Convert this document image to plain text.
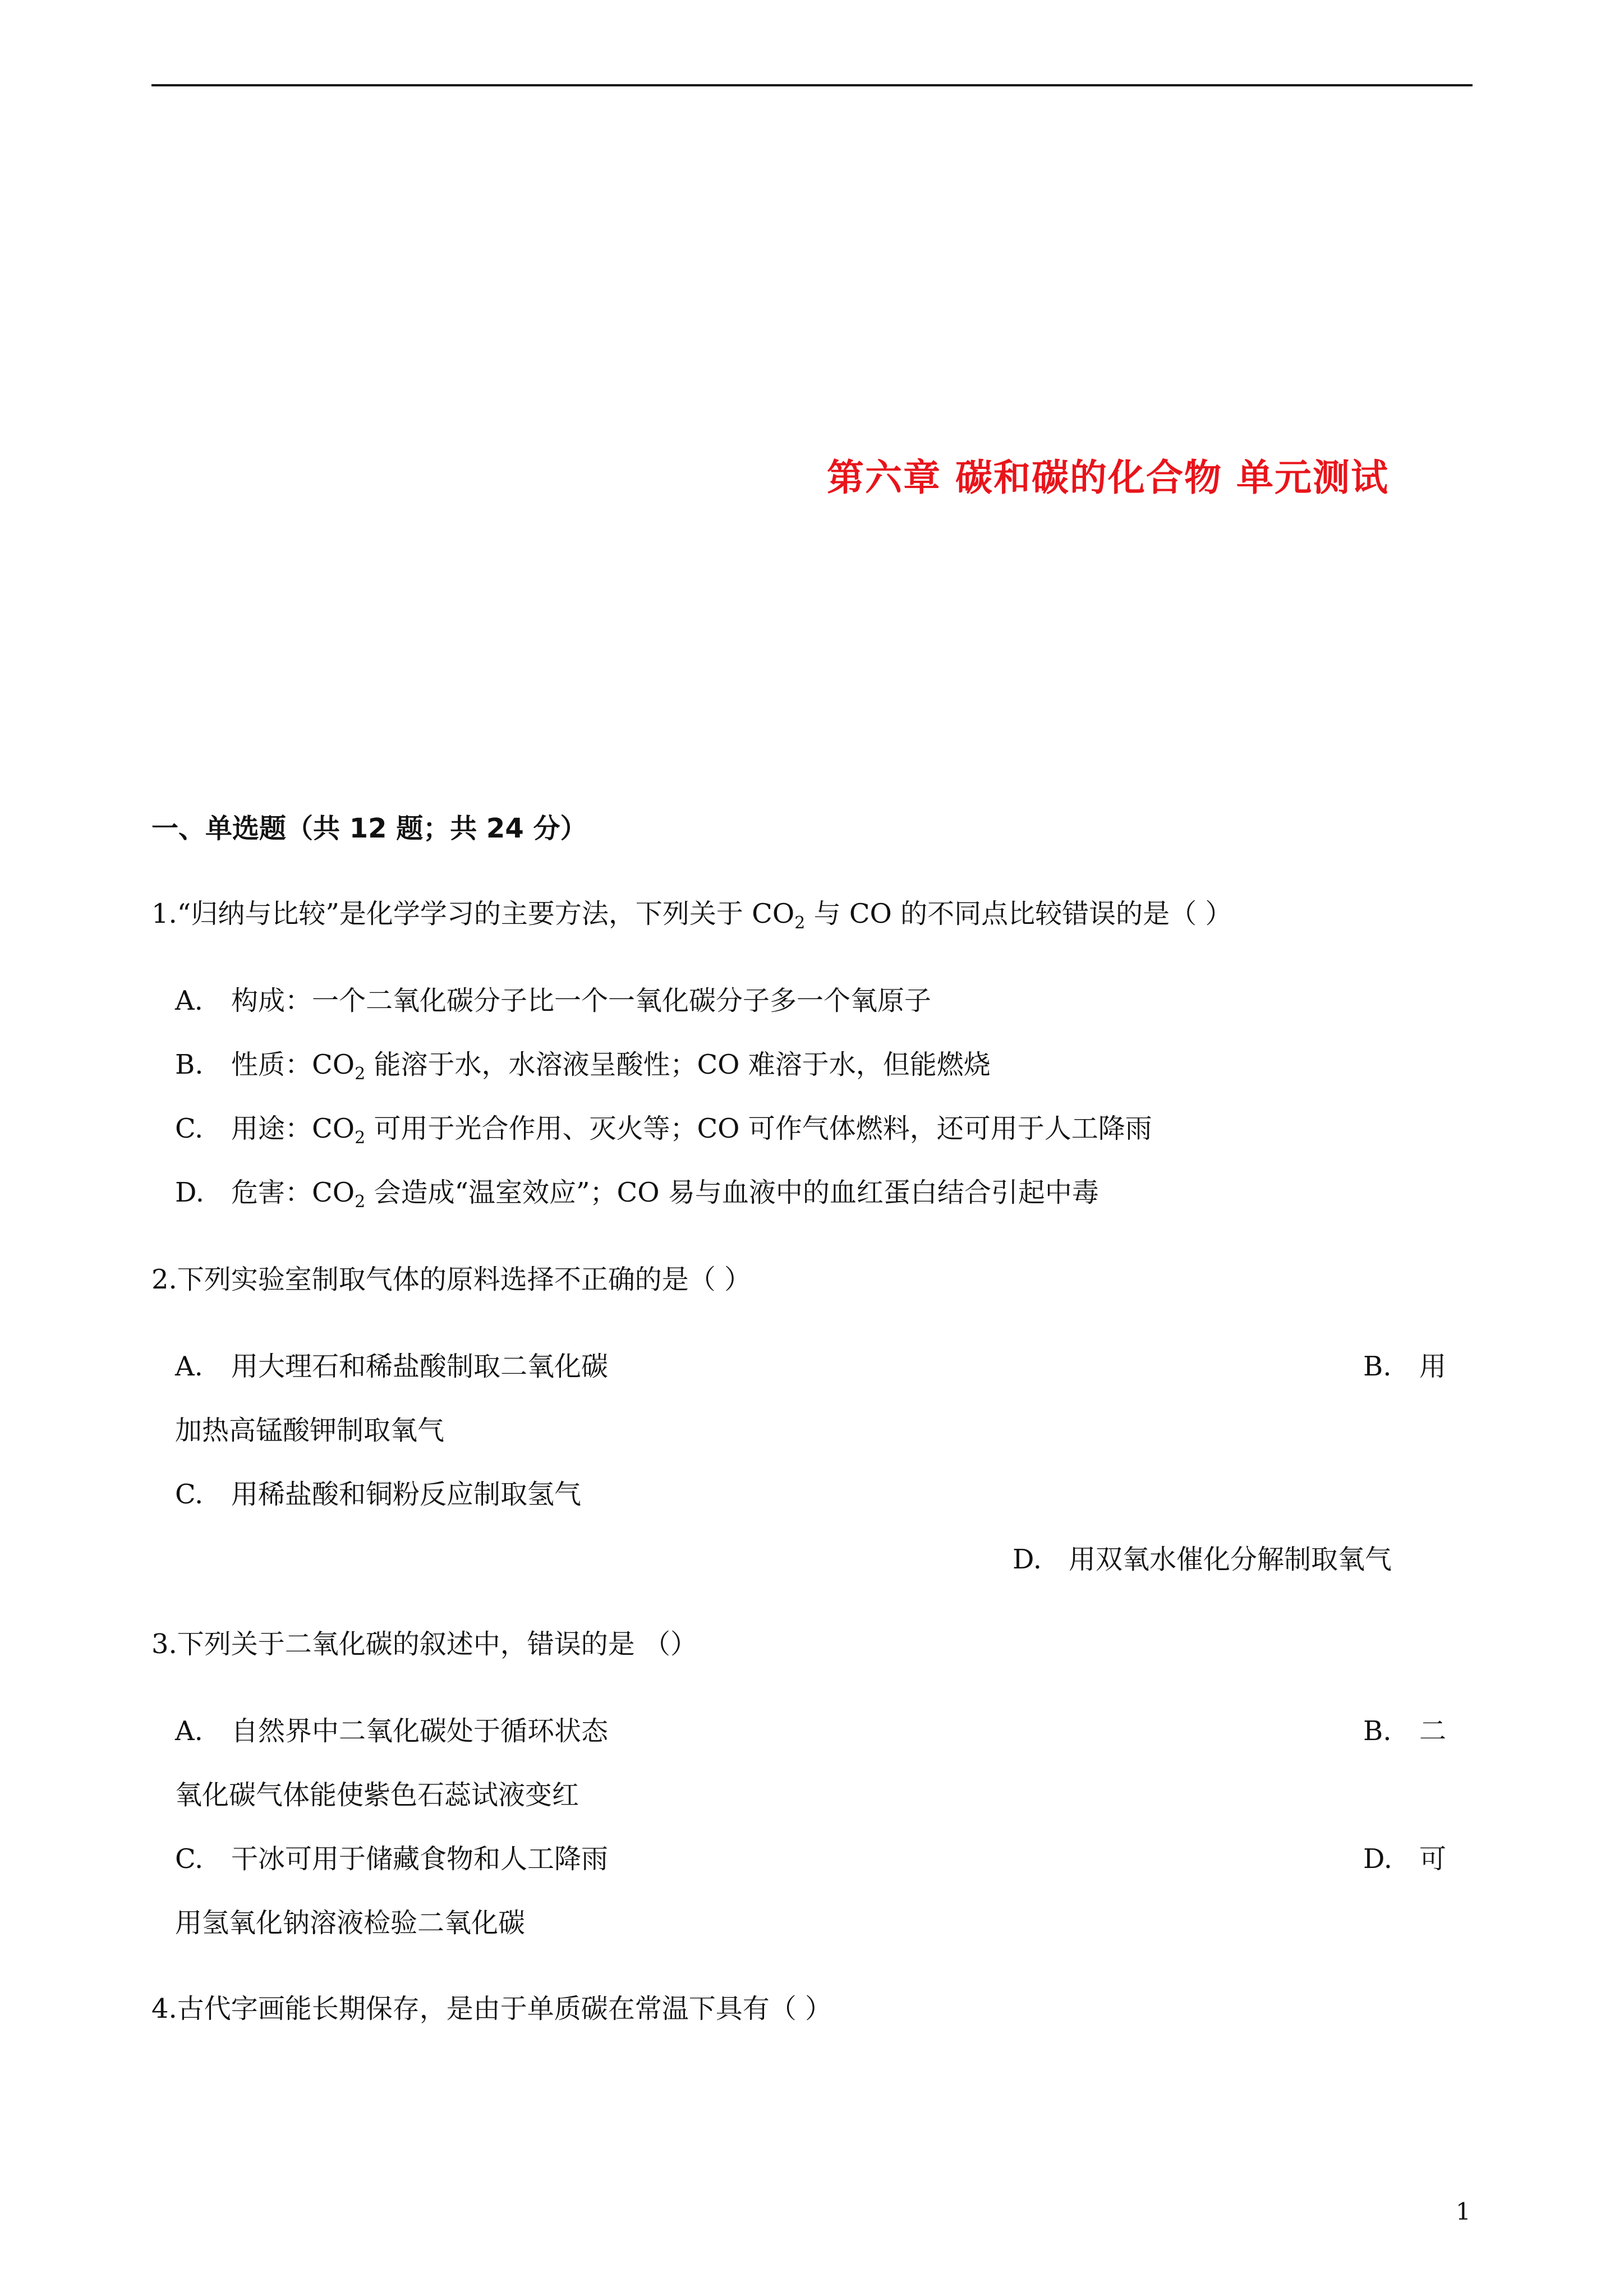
第六章 碳和碳的化合物 单元测试
一、单选题（共 12 题；共 24 分）
1.“归纳与比较”是化学学习的主要方法，下列关于 $CO_2$ 与 CO 的不同点比较错误的是（ ）
A. 构成：一个二氧化碳分子比一个一氧化碳分子多一个氧原子
B. 性质：$CO_2$ 能溶于水，水溶液呈酸性；CO 难溶于水，但能燃烧
C. 用途：$CO_2$ 可用于光合作用、灭火等；CO 可作气体燃料，还可用于人工降雨
D. 危害：$CO_2$ 会造成“温室效应”；CO 易与血液中的血红蛋白结合引起中毒
2.下列实验室制取气体的原料选择不正确的是（ ）
A. 用大理石和稀盐酸制取二氧化碳	B. 用
加热高锰酸钾制取氧气
C. 用稀盐酸和铜粉反应制取氢气
D. 用双氧水催化分解制取氧气
3.下列关于二氧化碳的叙述中，错误的是 （）
A. 自然界中二氧化碳处于循环状态	B. 二
氧化碳气体能使紫色石蕊试液变红
C. 干冰可用于储藏食物和人工降雨	D. 可
用氢氧化钠溶液检验二氧化碳
4.古代字画能长期保存，是由于单质碳在常温下具有（ ）
1
